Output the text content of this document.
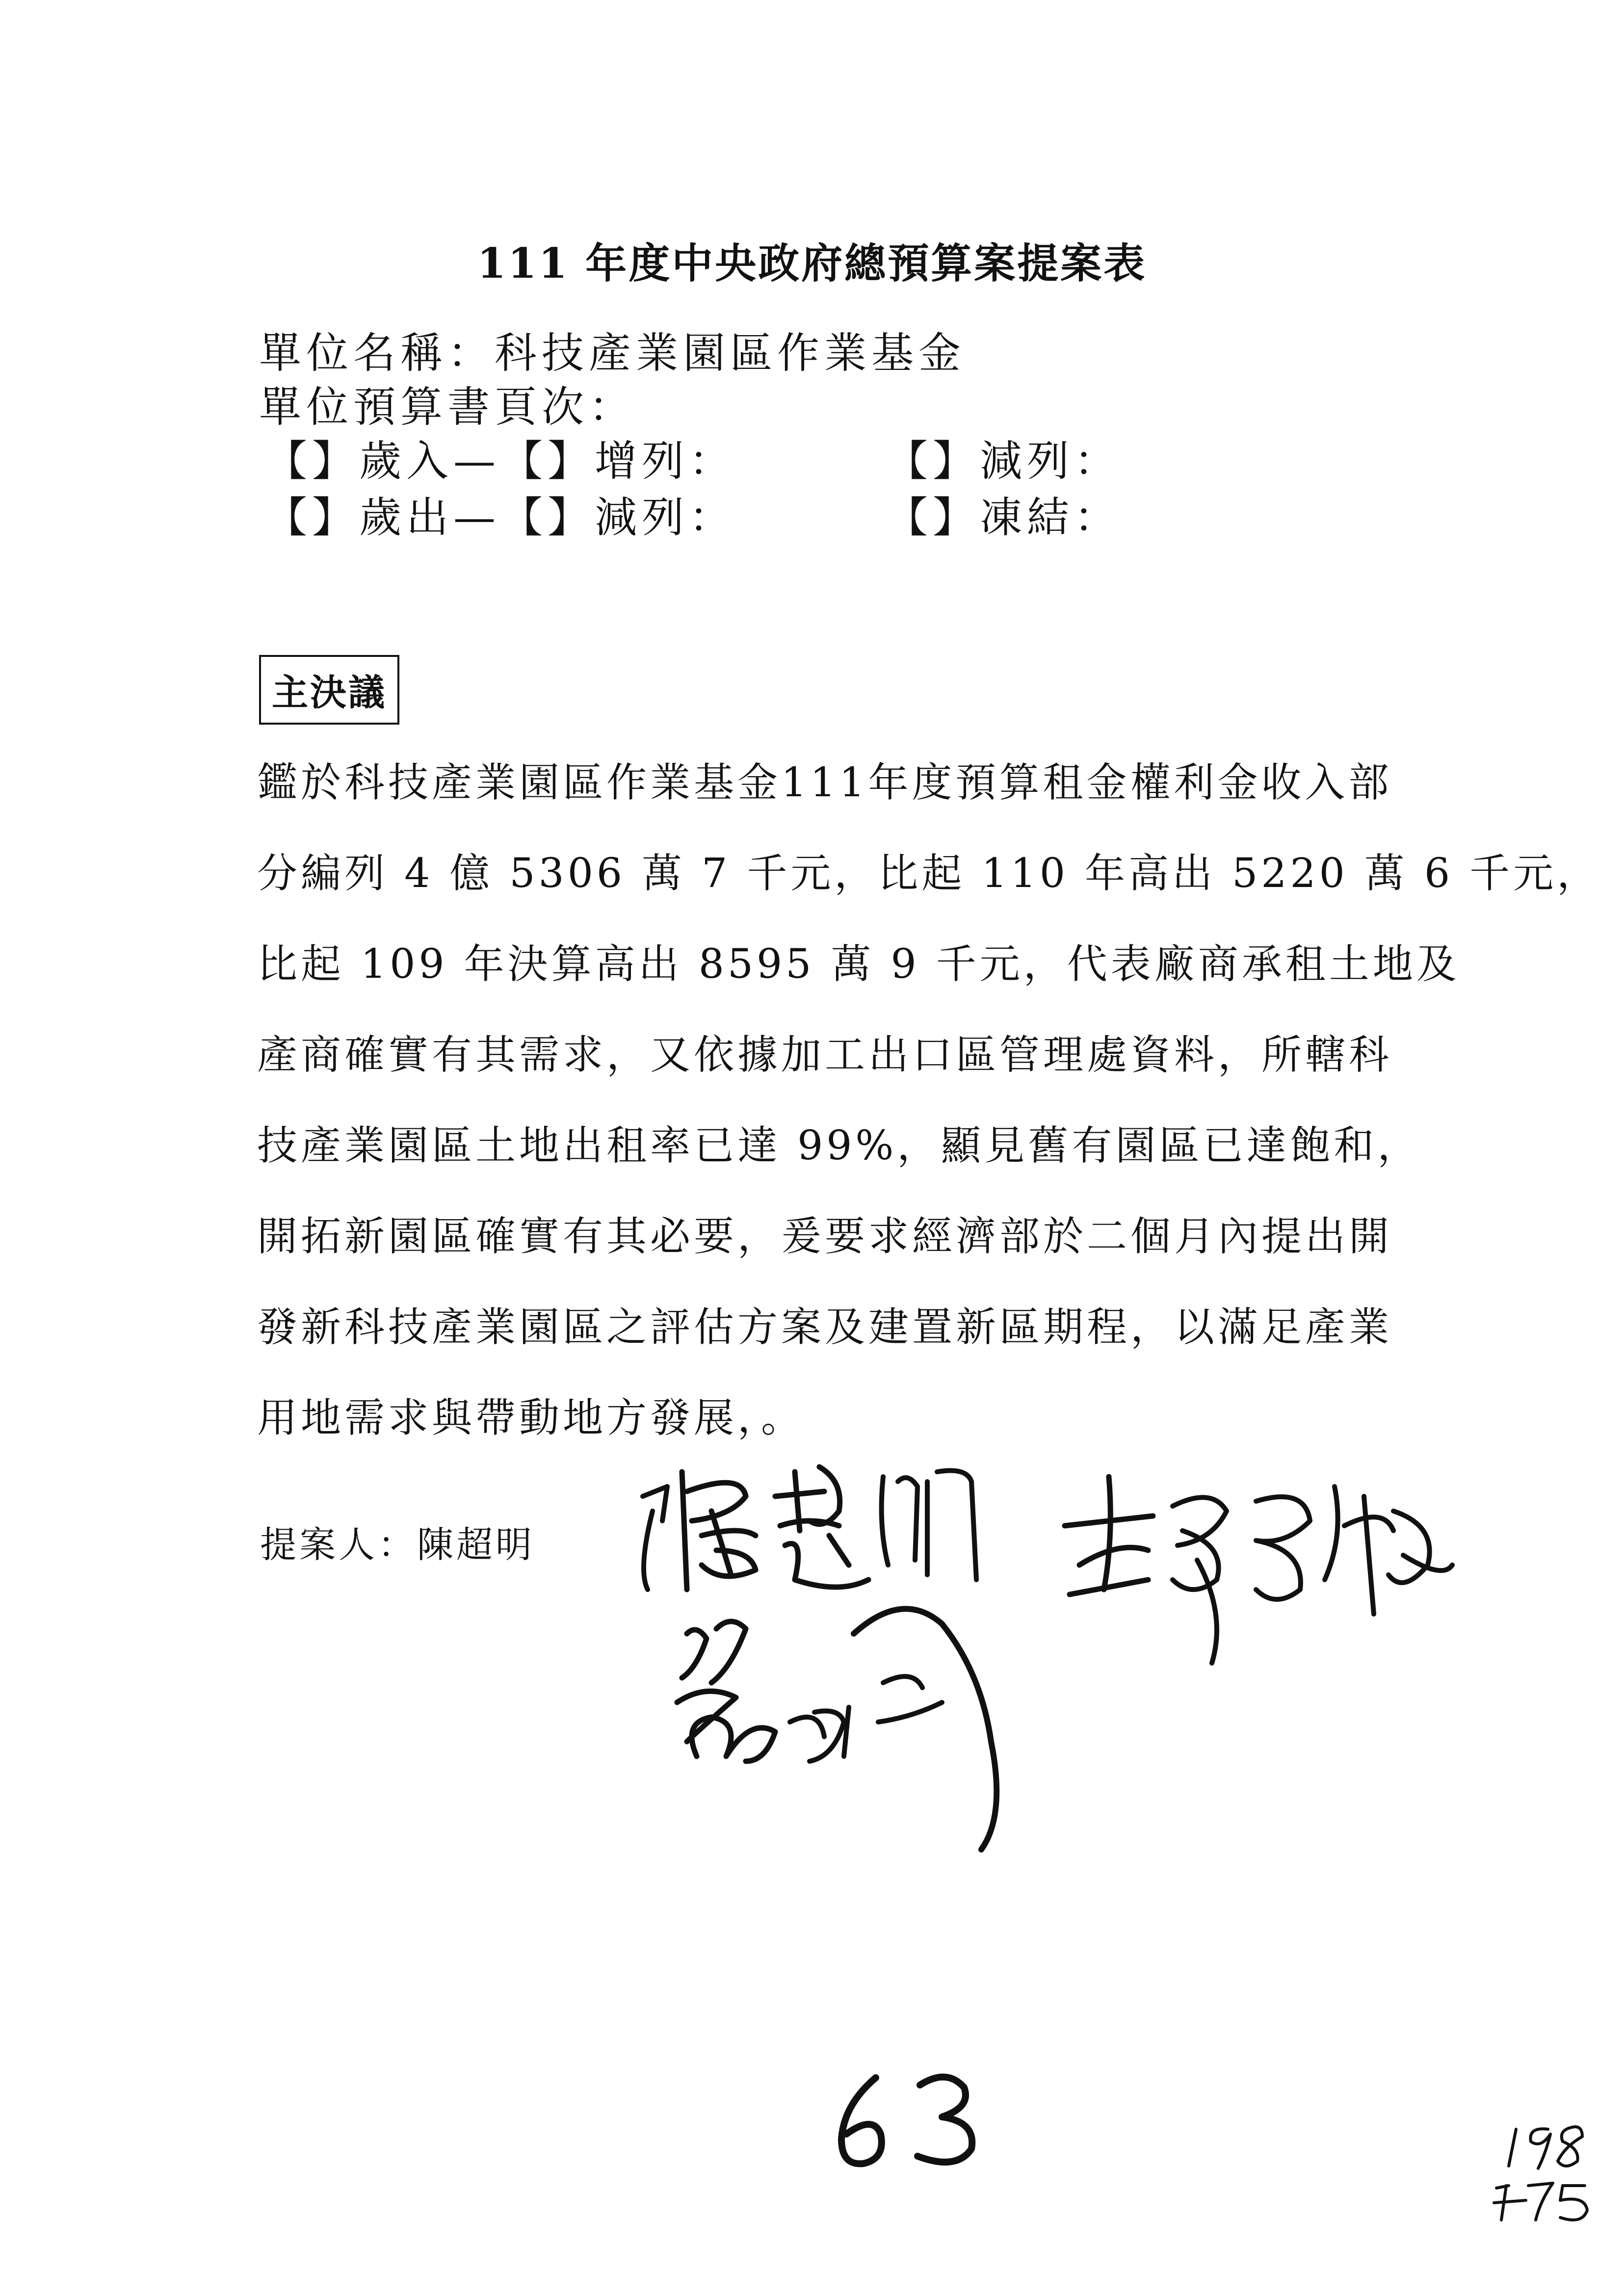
111 年度中央政府總預算案提案表
單位名稱：科技產業園區作業基金
單位預算書頁次：
【】歲入—【】增列：	【】減列：
【】歲出—【】減列：	【】凍結：
主決議
鑑於科技產業園區作業基金111年度預算租金權利金收入部
分編列 4 億 5306 萬 7 千元，比起 110 年高出 5220 萬 6 千元，
比起 109 年決算高出 8595 萬 9 千元，代表廠商承租土地及
產商確實有其需求，又依據加工出口區管理處資料，所轄科
技產業園區土地出租率已達 99%，顯見舊有園區已達飽和，
開拓新園區確實有其必要，爰要求經濟部於二個月內提出開
發新科技產業園區之評估方案及建置新區期程，以滿足產業
用地需求與帶動地方發展，。
提案人：陳超明
63
198
175
